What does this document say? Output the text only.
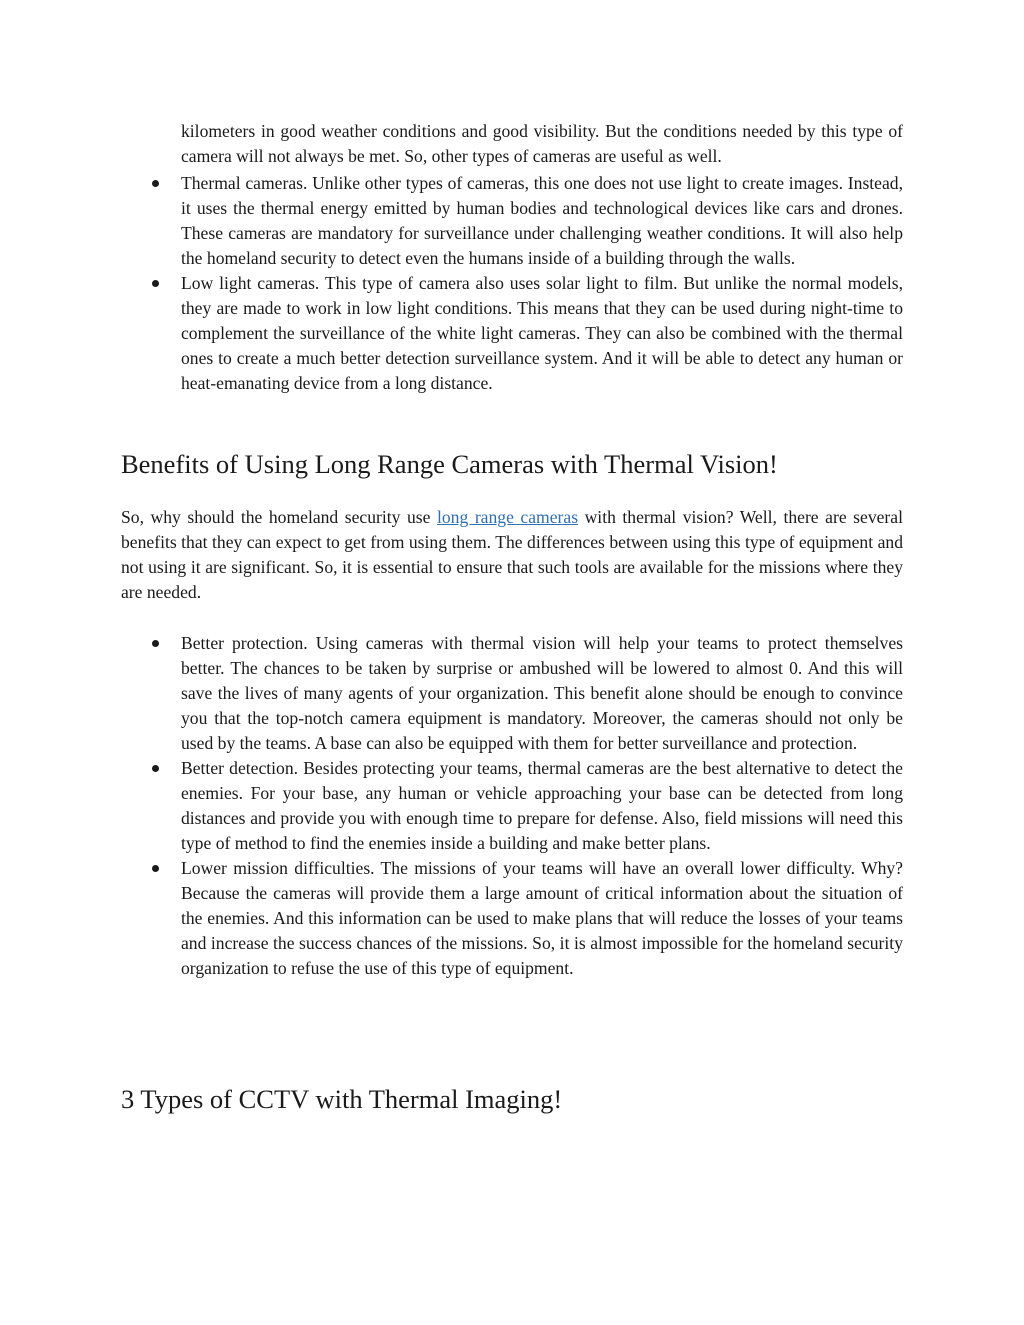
kilometers in good weather conditions and good visibility. But the conditions needed by this type of camera will not always be met. So, other types of cameras are useful as well.

Thermal cameras. Unlike other types of cameras, this one does not use light to create images. Instead, it uses the thermal energy emitted by human bodies and technological devices like cars and drones. These cameras are mandatory for surveillance under challenging weather conditions. It will also help the homeland security to detect even the humans inside of a building through the walls.
Low light cameras. This type of camera also uses solar light to film. But unlike the normal models, they are made to work in low light conditions. This means that they can be used during night-time to complement the surveillance of the white light cameras. They can also be combined with the thermal ones to create a much better detection surveillance system. And it will be able to detect any human or heat-emanating device from a long distance.
Benefits of Using Long Range Cameras with Thermal Vision!

So, why should the homeland security use long range cameras with thermal vision? Well, there are several benefits that they can expect to get from using them. The differences between using this type of equipment and not using it are significant. So, it is essential to ensure that such tools are available for the missions where they are needed.

Better protection. Using cameras with thermal vision will help your teams to protect themselves better. The chances to be taken by surprise or ambushed will be lowered to almost 0. And this will save the lives of many agents of your organization. This benefit alone should be enough to convince you that the top-notch camera equipment is mandatory. Moreover, the cameras should not only be used by the teams. A base can also be equipped with them for better surveillance and protection.
Better detection. Besides protecting your teams, thermal cameras are the best alternative to detect the enemies. For your base, any human or vehicle approaching your base can be detected from long distances and provide you with enough time to prepare for defense. Also, field missions will need this type of method to find the enemies inside a building and make better plans.
Lower mission difficulties. The missions of your teams will have an overall lower difficulty. Why? Because the cameras will provide them a large amount of critical information about the situation of the enemies. And this information can be used to make plans that will reduce the losses of your teams and increase the success chances of the missions. So, it is almost impossible for the homeland security organization to refuse the use of this type of equipment.
3 Types of CCTV with Thermal Imaging!
